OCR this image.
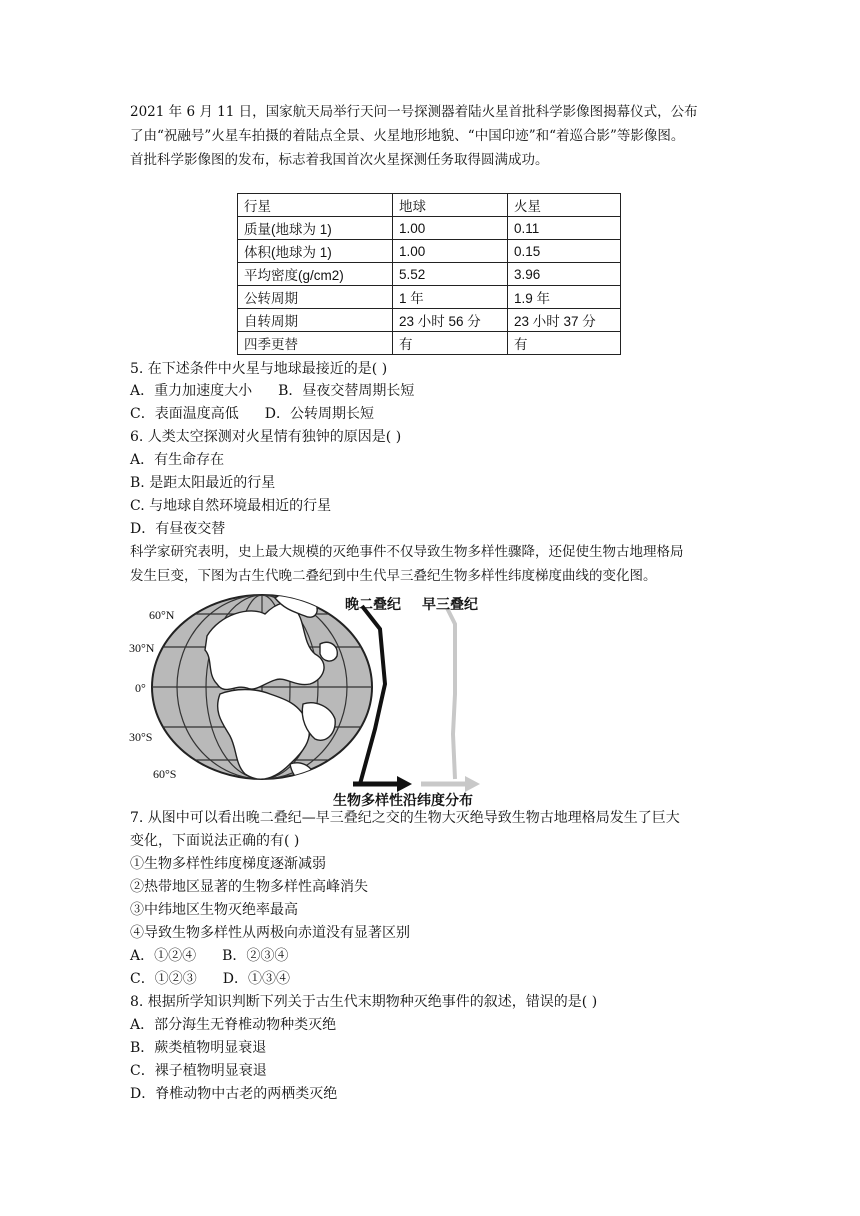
2021 年 6 月 11 日，国家航天局举行天问一号探测器着陆火星首批科学影像图揭幕仪式，公布
了由“祝融号”火星车拍摄的着陆点全景、火星地形地貌、“中国印迹”和“着巡合影”等影像图。
首批科学影像图的发布，标志着我国首次火星探测任务取得圆满成功。
行星	地球	火星
质量(地球为 1)	1.00	0.11
体积(地球为 1)	1.00	0.15
平均密度(g/cm2)	5.52	3.96
公转周期	1 年	1.9 年
自转周期	23 小时 56 分	23 小时 37 分
四季更替	有	有
5. 在下述条件中火星与地球最接近的是( )
A．重力加速度大小 B．昼夜交替周期长短
C．表面温度高低 D．公转周期长短
6. 人类太空探测对火星情有独钟的原因是( )
A．有生命存在
B. 是距太阳最近的行星
C. 与地球自然环境最相近的行星
D．有昼夜交替
科学家研究表明，史上最大规模的灭绝事件不仅导致生物多样性骤降，还促使生物古地理格局
发生巨变，下图为古生代晚二叠纪到中生代早三叠纪生物多样性纬度梯度曲线的变化图。
60°N
30°N
0°
30°S
60°S
晚二叠纪 早三叠纪
生物多样性沿纬度分布
7. 从图中可以看出晚二叠纪—早三叠纪之交的生物大灭绝导致生物古地理格局发生了巨大
变化，下面说法正确的有( )
①生物多样性纬度梯度逐渐减弱
②热带地区显著的生物多样性高峰消失
③中纬地区生物灭绝率最高
④导致生物多样性从两极向赤道没有显著区别
A．①②④ B．②③④
C．①②③ D．①③④
8. 根据所学知识判断下列关于古生代末期物种灭绝事件的叙述，错误的是( )
A．部分海生无脊椎动物种类灭绝
B．蕨类植物明显衰退
C．裸子植物明显衰退
D．脊椎动物中古老的两栖类灭绝
